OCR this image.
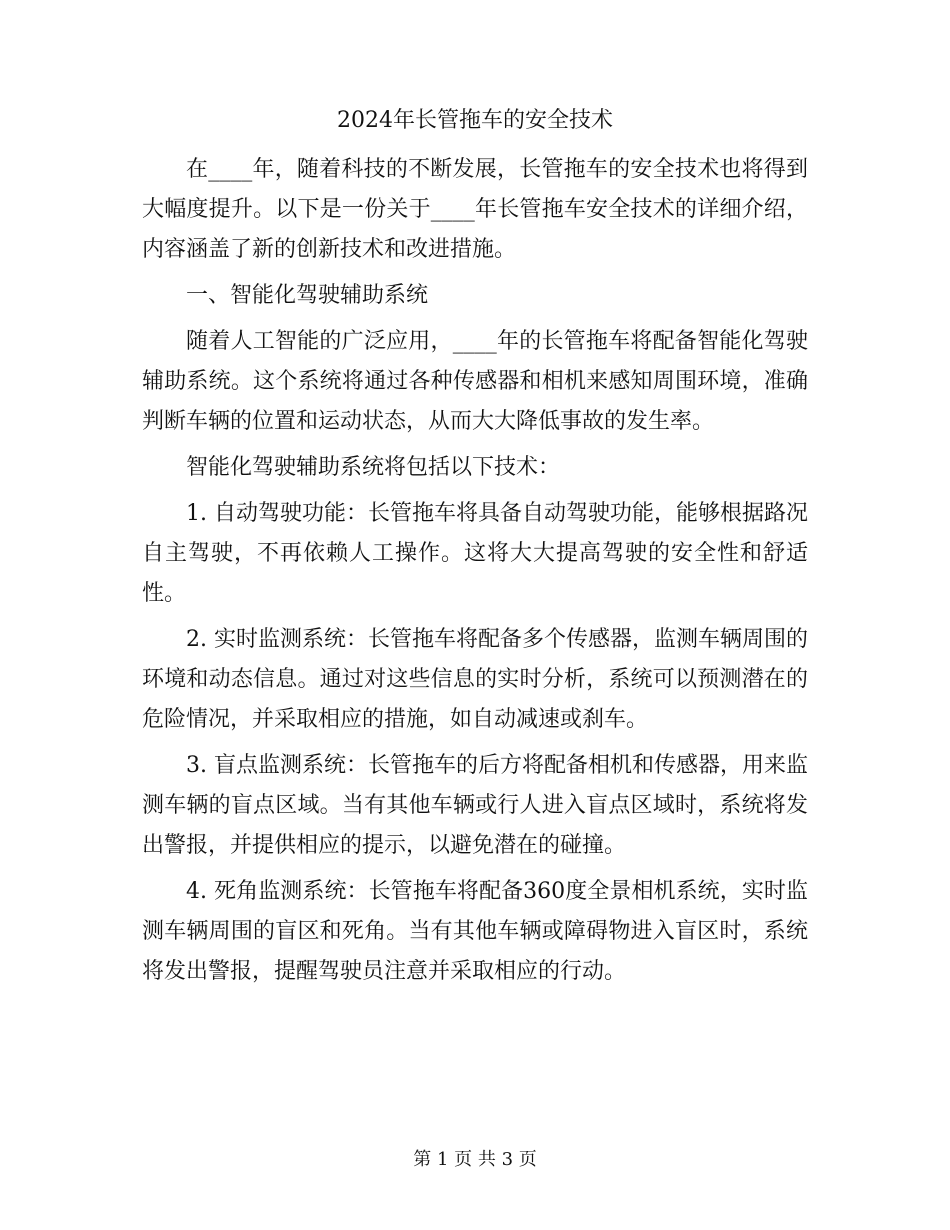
2024年长管拖车的安全技术

在____年，随着科技的不断发展，长管拖车的安全技术也将得到大幅度提升。以下是一份关于____年长管拖车安全技术的详细介绍，内容涵盖了新的创新技术和改进措施。

一、智能化驾驶辅助系统

随着人工智能的广泛应用，____年的长管拖车将配备智能化驾驶辅助系统。这个系统将通过各种传感器和相机来感知周围环境，准确判断车辆的位置和运动状态，从而大大降低事故的发生率。

智能化驾驶辅助系统将包括以下技术：

1. 自动驾驶功能：长管拖车将具备自动驾驶功能，能够根据路况自主驾驶，不再依赖人工操作。这将大大提高驾驶的安全性和舒适性。

2. 实时监测系统：长管拖车将配备多个传感器，监测车辆周围的环境和动态信息。通过对这些信息的实时分析，系统可以预测潜在的危险情况，并采取相应的措施，如自动减速或刹车。

3. 盲点监测系统：长管拖车的后方将配备相机和传感器，用来监测车辆的盲点区域。当有其他车辆或行人进入盲点区域时，系统将发出警报，并提供相应的提示，以避免潜在的碰撞。

4. 死角监测系统：长管拖车将配备360度全景相机系统，实时监测车辆周围的盲区和死角。当有其他车辆或障碍物进入盲区时，系统将发出警报，提醒驾驶员注意并采取相应的行动。

第 1 页 共 3 页
